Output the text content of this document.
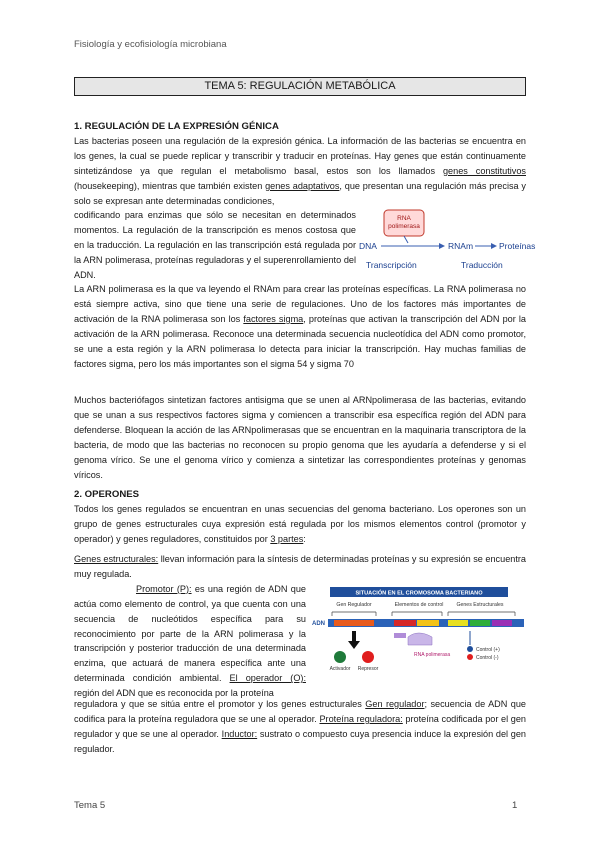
Fisiología y ecofisiología microbiana
TEMA 5: REGULACIÓN METABÓLICA
1. REGULACIÓN DE LA EXPRESIÓN GÉNICA
Las bacterias poseen una regulación de la expresión génica. La información de las bacterias se encuentra en los genes, la cual se puede replicar y transcribir y traducir en proteínas. Hay genes que están continuamente sintetizándose ya que regulan el metabolismo basal, estos son los llamados genes constitutivos (housekeeping), mientras que también existen genes adaptativos, que presentan una regulación más precisa y solo se expresan ante determinadas condiciones,
codificando para enzimas que sólo se necesitan en determinados momentos. La regulación de la transcripción es menos costosa que en la traducción. La regulación en las transcripción está regulada por la ARN polimerasa, proteínas reguladoras y el superenrollamiento del ADN.
RNA
polimerasa
DNA	RNAm	Proteínas
Transcripción	Traducción
La ARN polimerasa es la que va leyendo el RNAm para crear las proteínas específicas. La RNA polimerasa no está siempre activa, sino que tiene una serie de regulaciones. Uno de los factores más importantes de activación de la RNA polimerasa son los factores sigma, proteínas que activan la transcripción del ADN por la activación de la ARN polimerasa. Reconoce una determinada secuencia nucleotídica del ADN como promotor, se une a esta región y la ARN polimerasa lo detecta para iniciar la transcripción. Hay muchas familias de factores sigma, pero los más importantes son el sigma 54 y sigma 70
Muchos bacteriófagos sintetizan factores antisigma que se unen al ARNpolimerasa de las bacterias, evitando que se unan a sus respectivos factores sigma y comiencen a transcribir esa específica región del ADN para defenderse. Bloquean la acción de las ARNpolimerasas que se encuentran en la maquinaria transcriptora de la bacteria, de modo que las bacterias no reconocen su propio genoma que les ayudaría a defenderse y si el genoma vírico. Se une el genoma vírico y comienza a sintetizar las correspondientes proteínas y genomas víricos.
2. OPERONES
Todos los genes regulados se encuentran en unas secuencias del genoma bacteriano. Los operones son un grupo de genes estructurales cuya expresión está regulada por los mismos elementos control (promotor y operador) y genes reguladores, constituidos por 3 partes:
Genes estructurales: llevan información para la síntesis de determinadas proteínas y su expresión se encuentra muy regulada.
Promotor (P): es una región de ADN que actúa como elemento de control, ya que cuenta con una secuencia de nucleótidos específica para su reconocimiento por parte de la ARN polimerasa y la transcripción y posterior traducción de una determinada enzima, que actuará de manera específica ante una determinada condición ambiental. El operador (O): región del ADN que es reconocida por la proteína
reguladora y que se sitúa entre el promotor y los genes estructurales Gen regulador; secuencia de ADN que codifica para la proteína reguladora que se une al operador. Proteína reguladora: proteína codificada por el gen regulador y que se une al operador. Inductor: sustrato o compuesto cuya presencia induce la expresión del gen regulador.
SITUACIÓN EN EL CROMOSOMA BACTERIANO
Gen Regulador	Elementos de control	Genes Estructurales
ADN
Activador Represor
RNA polimerasa
Control (+)
Control (-)
Tema 5	1
